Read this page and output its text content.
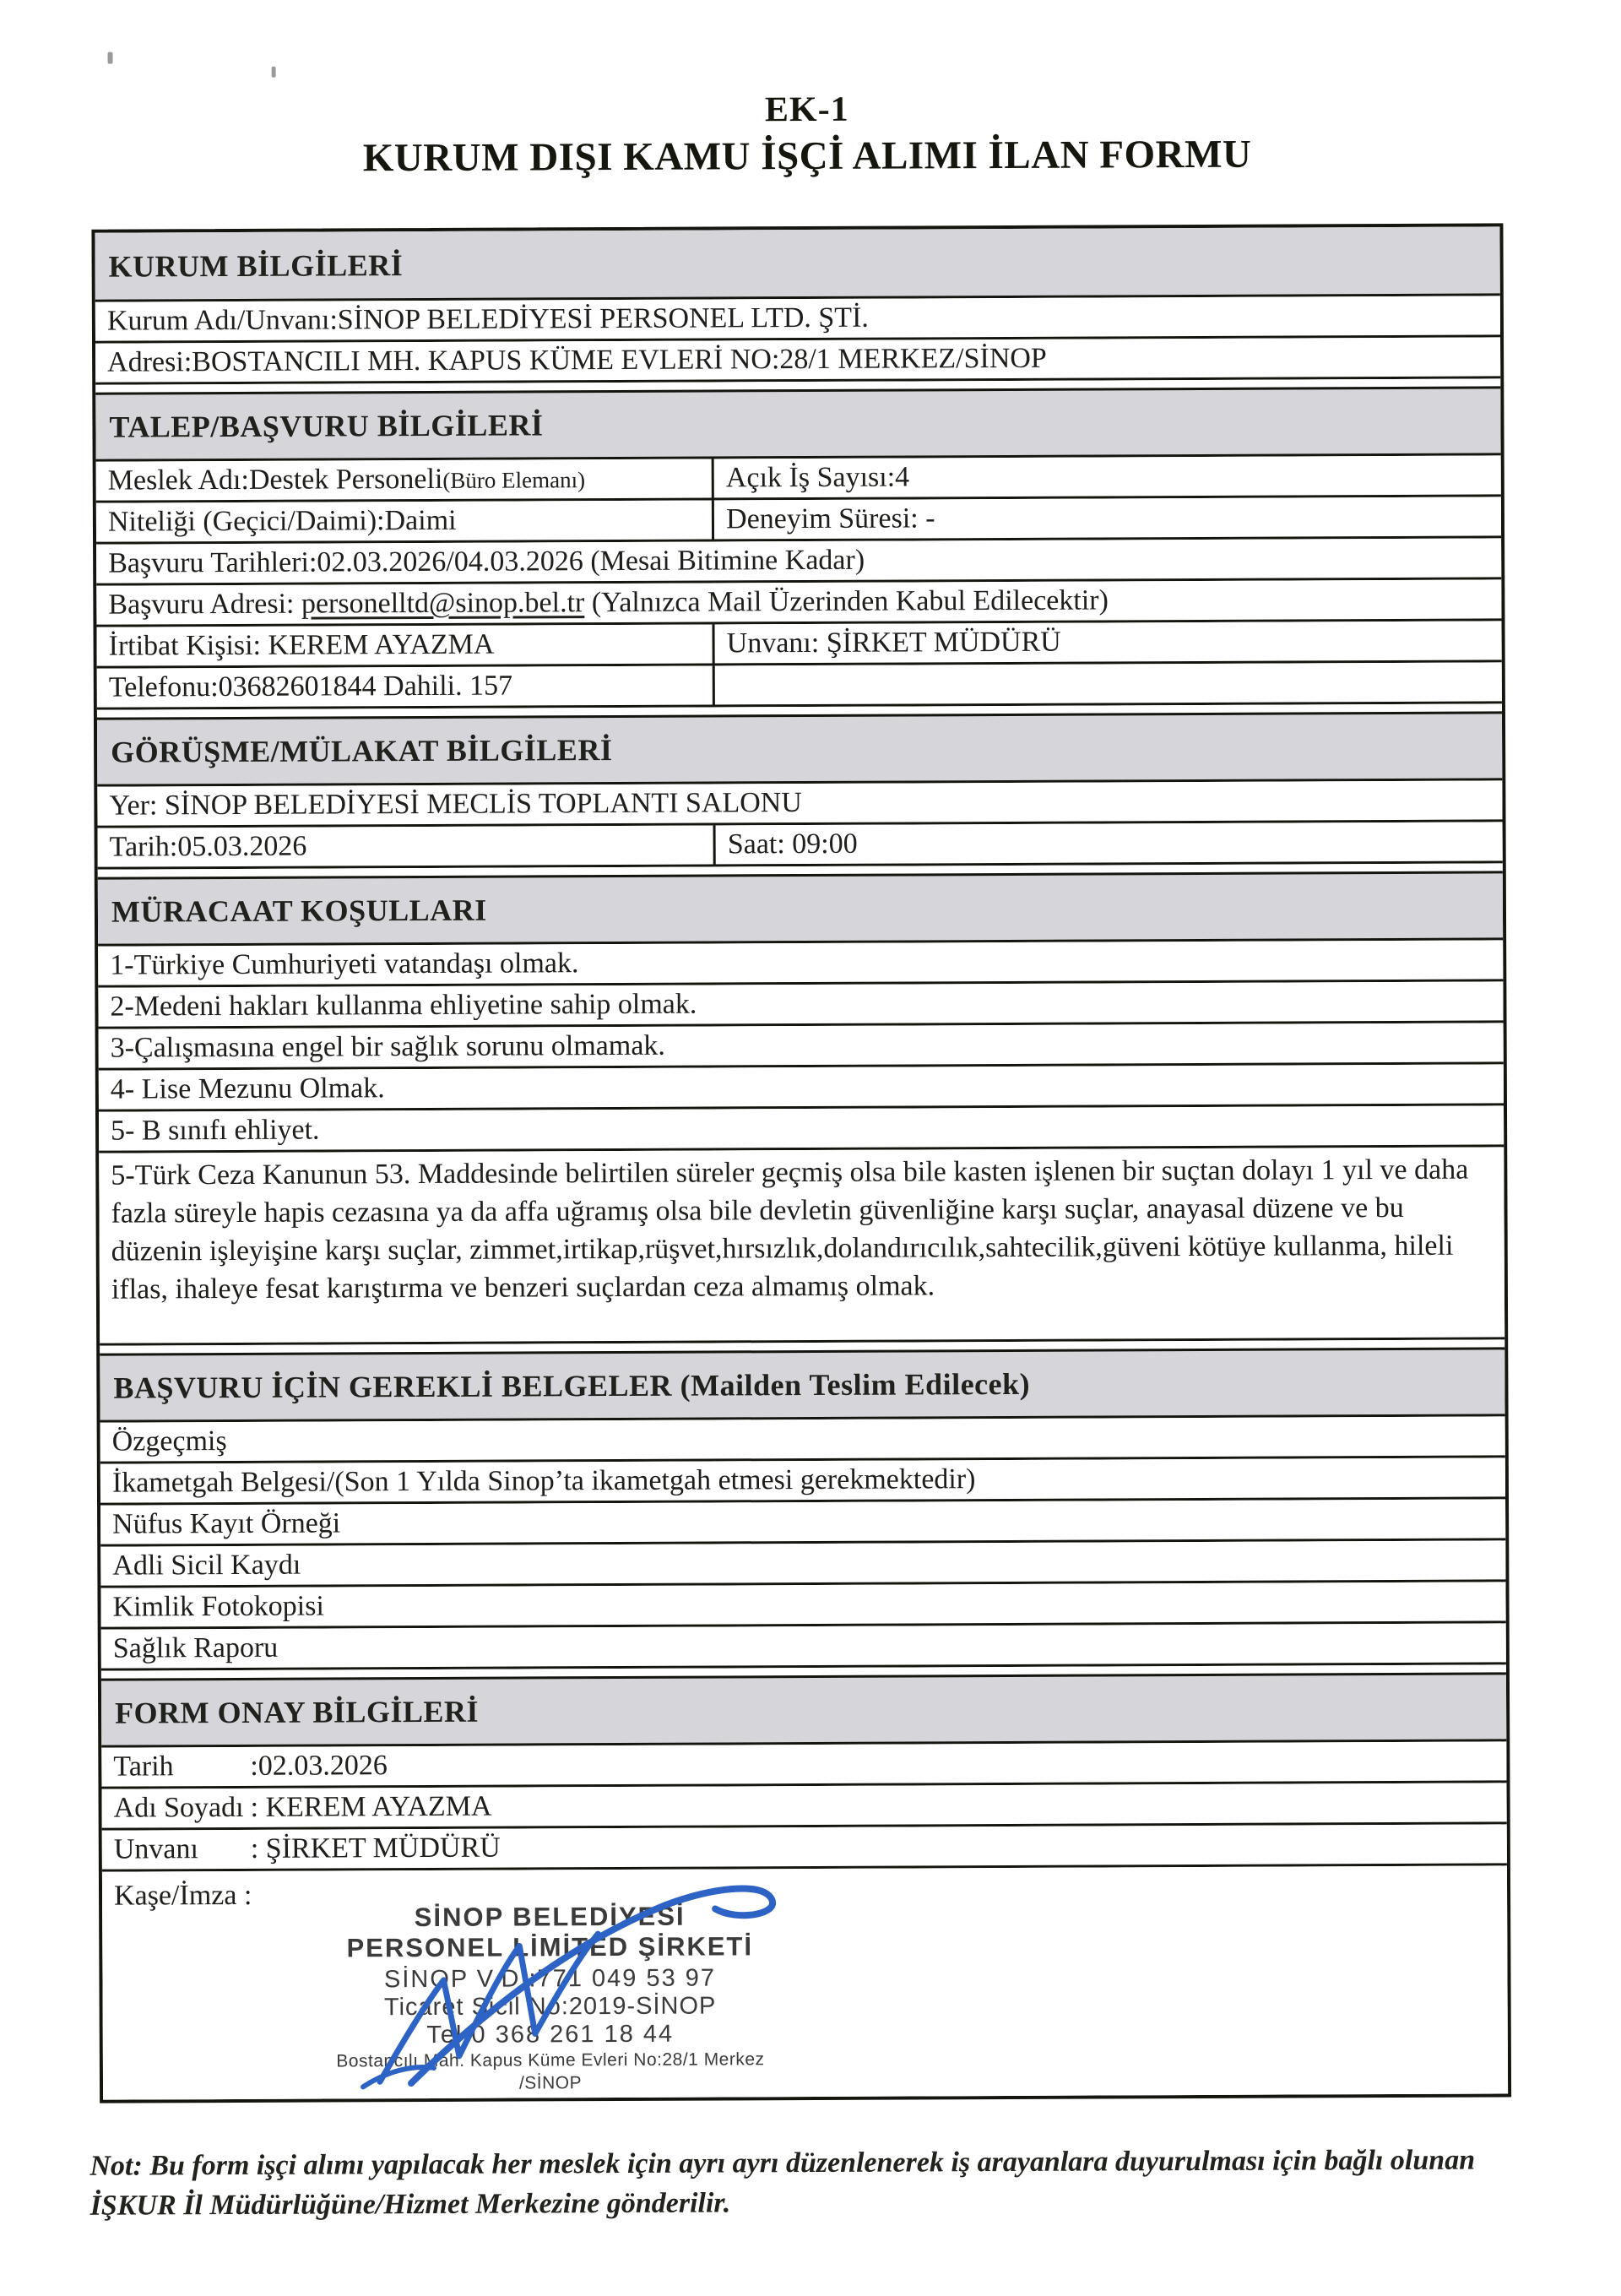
EK-1
KURUM DIŞI KAMU İŞÇİ ALIMI İLAN FORMU
KURUM BİLGİLERİ
Kurum Adı/Unvanı:SİNOP BELEDİYESİ PERSONEL LTD. ŞTİ.
Adresi:BOSTANCILI MH. KAPUS KÜME EVLERİ NO:28/1 MERKEZ/SİNOP
TALEP/BAŞVURU BİLGİLERİ
Meslek Adı:Destek Personeli(Büro Elemanı)	Açık İş Sayısı:4
Niteliği (Geçici/Daimi):Daimi	Deneyim Süresi: -
Başvuru Tarihleri:02.03.2026/04.03.2026 (Mesai Bitimine Kadar)
Başvuru Adresi: personelltd@sinop.bel.tr (Yalnızca Mail Üzerinden Kabul Edilecektir)
İrtibat Kişisi: KEREM AYAZMA	Unvanı: ŞİRKET MÜDÜRÜ
Telefonu:03682601844 Dahili. 157
GÖRÜŞME/MÜLAKAT BİLGİLERİ
Yer: SİNOP BELEDİYESİ MECLİS TOPLANTI SALONU
Tarih:05.03.2026	Saat: 09:00
MÜRACAAT KOŞULLARI
1-Türkiye Cumhuriyeti vatandaşı olmak.
2-Medeni hakları kullanma ehliyetine sahip olmak.
3-Çalışmasına engel bir sağlık sorunu olmamak.
4- Lise Mezunu Olmak.
5- B sınıfı ehliyet.
5-Türk Ceza Kanunun 53. Maddesinde belirtilen süreler geçmiş olsa bile kasten işlenen bir suçtan dolayı 1 yıl ve daha fazla süreyle hapis cezasına ya da affa uğramış olsa bile devletin güvenliğine karşı suçlar, anayasal düzene ve bu düzenin işleyişine karşı suçlar, zimmet,irtikap,rüşvet,hırsızlık,dolandırıcılık,sahtecilik,güveni kötüye kullanma, hileli iflas, ihaleye fesat karıştırma ve benzeri suçlardan ceza almamış olmak.
BAŞVURU İÇİN GEREKLİ BELGELER (Mailden Teslim Edilecek)
Özgeçmiş
İkametgah Belgesi/(Son 1 Yılda Sinop’ta ikametgah etmesi gerekmektedir)
Nüfus Kayıt Örneği
Adli Sicil Kaydı
Kimlik Fotokopisi
Sağlık Raporu
FORM ONAY BİLGİLERİ
Tarih	:02.03.2026
Adı Soyadı : KEREM AYAZMA
Unvanı	: ŞİRKET MÜDÜRÜ
Kaşe/İmza :
SİNOP BELEDİYESİ
PERSONEL LİMİTED ŞİRKETİ
SİNOP V.D.:771 049 53 97
Ticaret Sicil No:2019-SİNOP
Tel:0 368 261 18 44
Bostancılı Mah. Kapus Küme Evleri No:28/1 Merkez /SİNOP
Not: Bu form işçi alımı yapılacak her meslek için ayrı ayrı düzenlenerek iş arayanlara duyurulması için bağlı olunan İŞKUR İl Müdürlüğüne/Hizmet Merkezine gönderilir.
